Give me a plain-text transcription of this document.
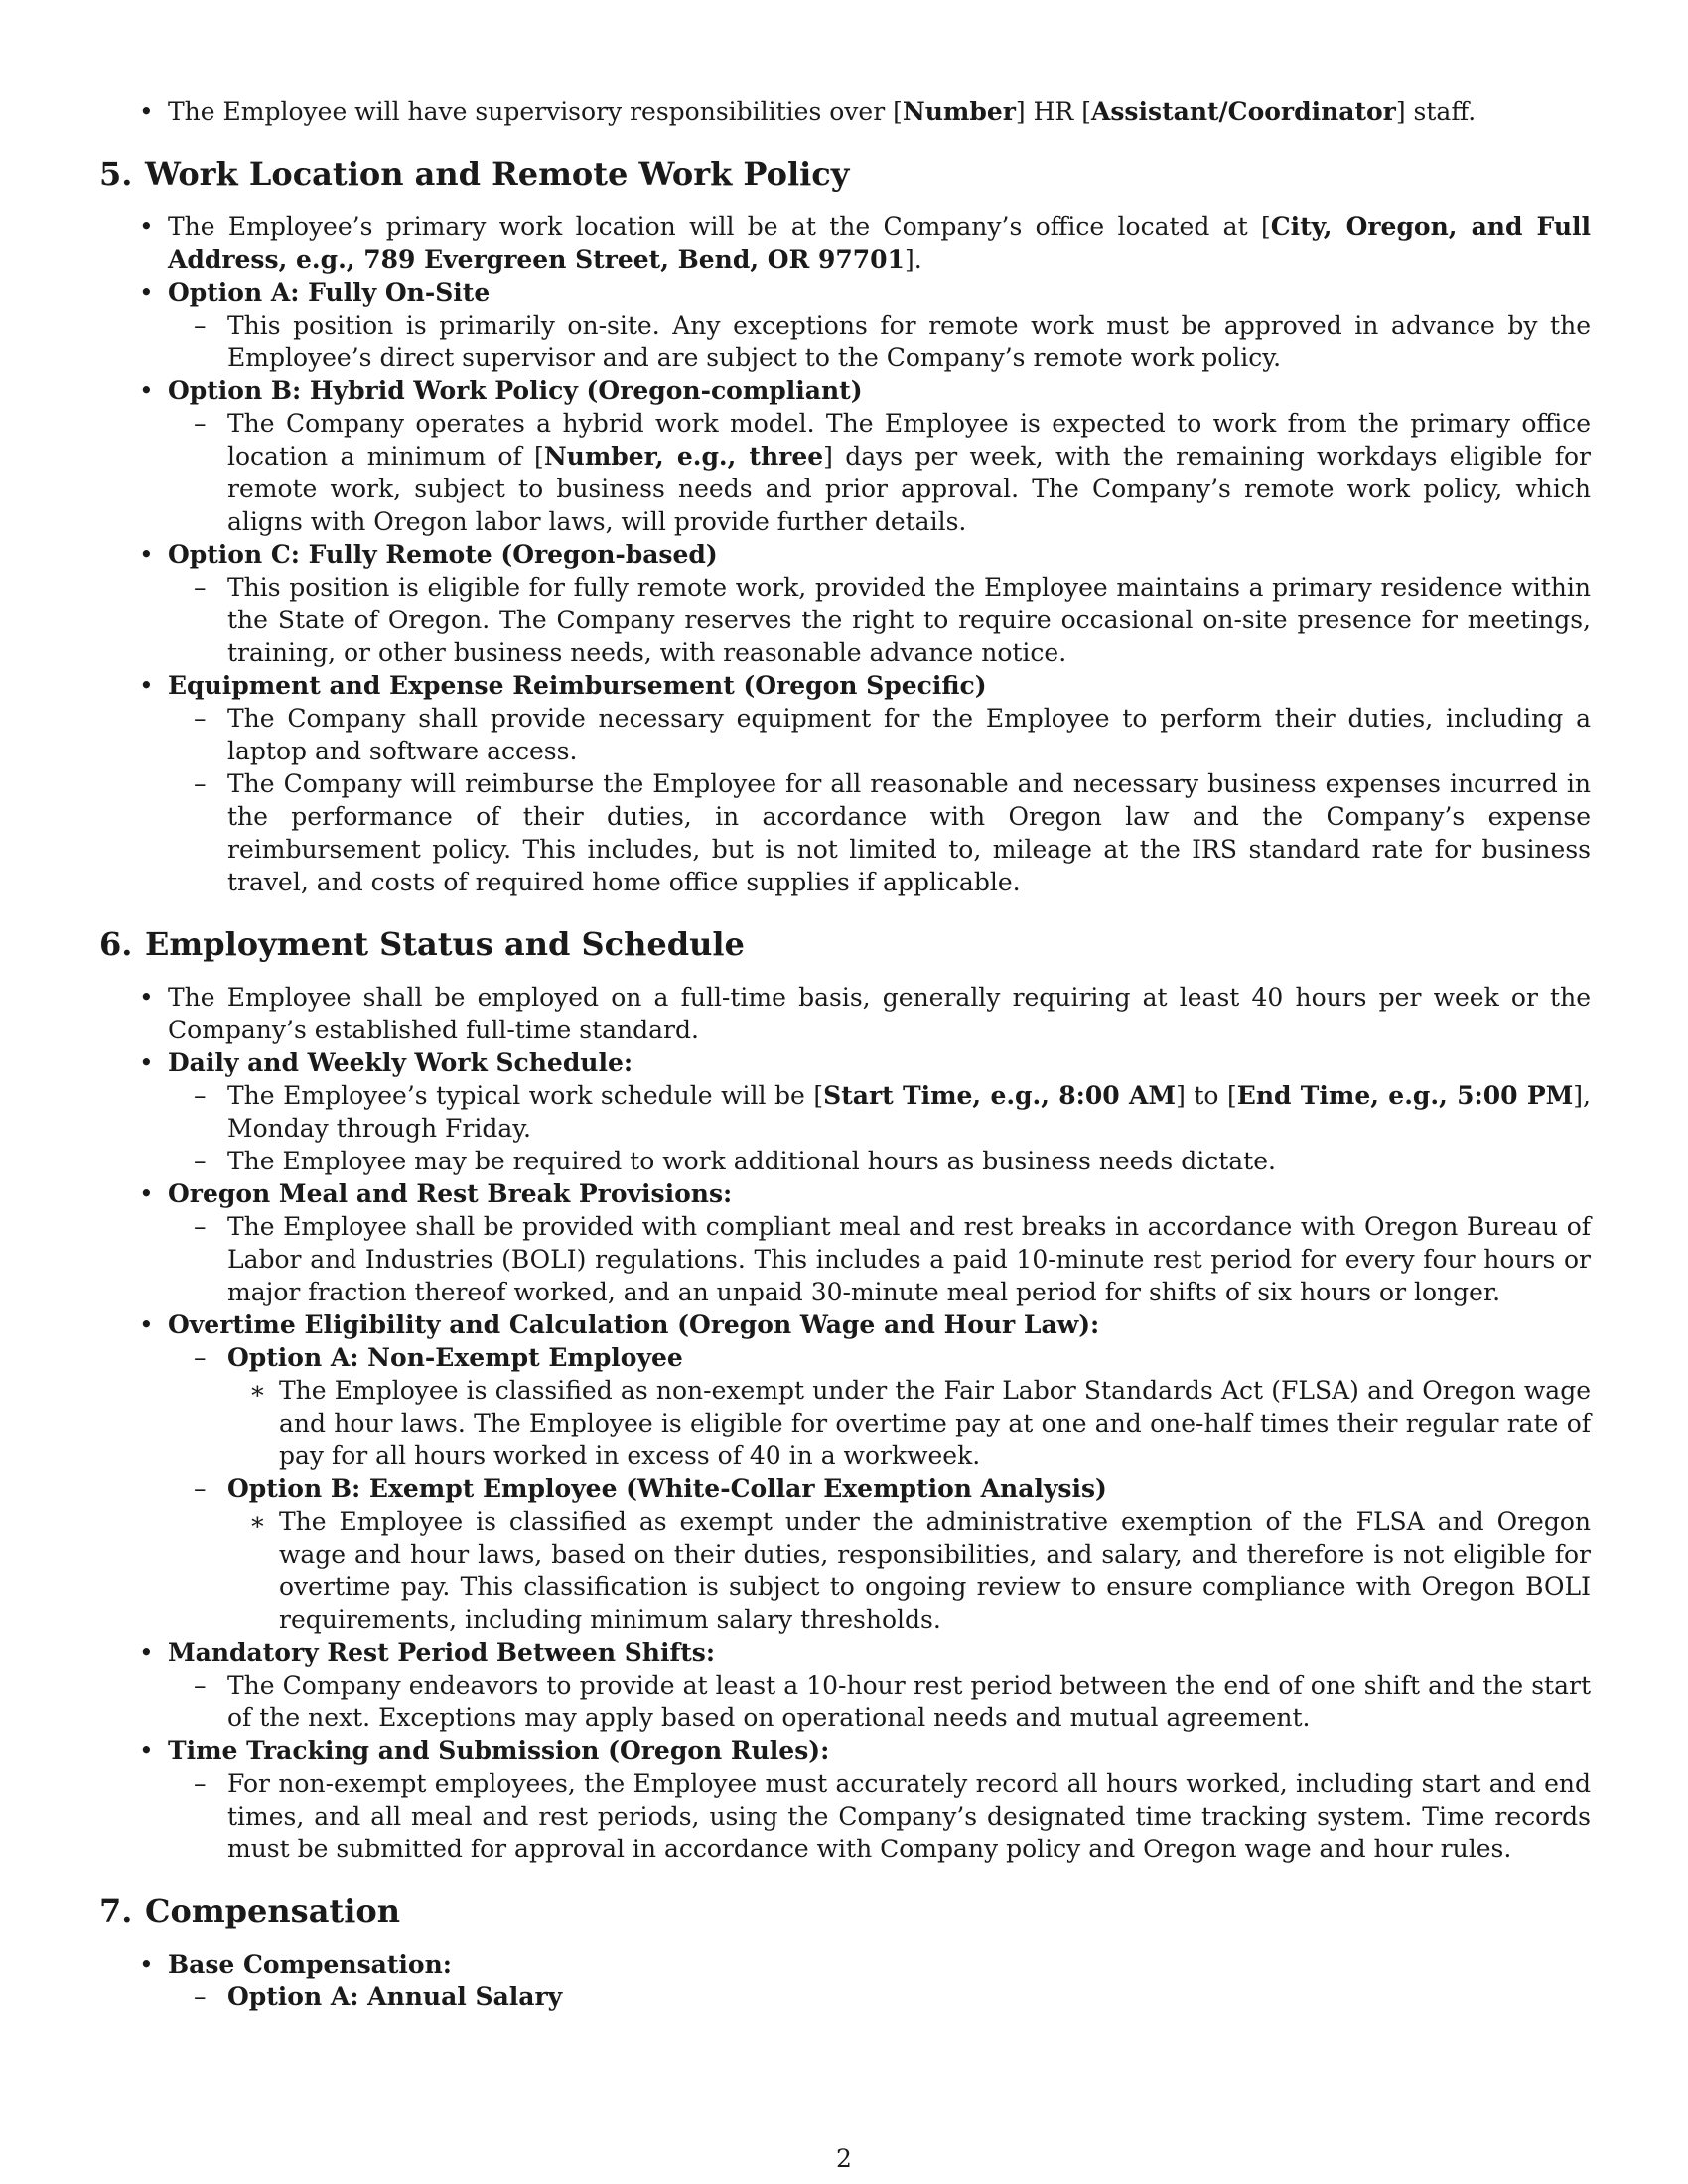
• The Employee will have supervisory responsibilities over [Number] HR [Assistant/Coordinator] staff.
5. Work Location and Remote Work Policy
• The Employee’s primary work location will be at the Company’s office located at [City, Oregon, and Full Address, e.g., 789 Evergreen Street, Bend, OR 97701].
• Option A: Fully On-Site
– This position is primarily on-site. Any exceptions for remote work must be approved in advance by the Employee’s direct supervisor and are subject to the Company’s remote work policy.
• Option B: Hybrid Work Policy (Oregon-compliant)
– The Company operates a hybrid work model. The Employee is expected to work from the primary office location a minimum of [Number, e.g., three] days per week, with the remaining workdays eligible for remote work, subject to business needs and prior approval. The Company’s remote work policy, which aligns with Oregon labor laws, will provide further details.
• Option C: Fully Remote (Oregon-based)
– This position is eligible for fully remote work, provided the Employee maintains a primary residence within the State of Oregon. The Company reserves the right to require occasional on-site presence for meetings, training, or other business needs, with reasonable advance notice.
• Equipment and Expense Reimbursement (Oregon Specific)
– The Company shall provide necessary equipment for the Employee to perform their duties, including a laptop and software access.
– The Company will reimburse the Employee for all reasonable and necessary business expenses incurred in the performance of their duties, in accordance with Oregon law and the Company’s expense reimbursement policy. This includes, but is not limited to, mileage at the IRS standard rate for business travel, and costs of required home office supplies if applicable.
6. Employment Status and Schedule
• The Employee shall be employed on a full-time basis, generally requiring at least 40 hours per week or the Company’s established full-time standard.
• Daily and Weekly Work Schedule:
– The Employee’s typical work schedule will be [Start Time, e.g., 8:00 AM] to [End Time, e.g., 5:00 PM], Monday through Friday.
– The Employee may be required to work additional hours as business needs dictate.
• Oregon Meal and Rest Break Provisions:
– The Employee shall be provided with compliant meal and rest breaks in accordance with Oregon Bureau of Labor and Industries (BOLI) regulations. This includes a paid 10-minute rest period for every four hours or major fraction thereof worked, and an unpaid 30-minute meal period for shifts of six hours or longer.
• Overtime Eligibility and Calculation (Oregon Wage and Hour Law):
– Option A: Non-Exempt Employee
∗ The Employee is classified as non-exempt under the Fair Labor Standards Act (FLSA) and Oregon wage and hour laws. The Employee is eligible for overtime pay at one and one-half times their regular rate of pay for all hours worked in excess of 40 in a workweek.
– Option B: Exempt Employee (White-Collar Exemption Analysis)
∗ The Employee is classified as exempt under the administrative exemption of the FLSA and Oregon wage and hour laws, based on their duties, responsibilities, and salary, and therefore is not eligible for overtime pay. This classification is subject to ongoing review to ensure compliance with Oregon BOLI requirements, including minimum salary thresholds.
• Mandatory Rest Period Between Shifts:
– The Company endeavors to provide at least a 10-hour rest period between the end of one shift and the start of the next. Exceptions may apply based on operational needs and mutual agreement.
• Time Tracking and Submission (Oregon Rules):
– For non-exempt employees, the Employee must accurately record all hours worked, including start and end times, and all meal and rest periods, using the Company’s designated time tracking system. Time records must be submitted for approval in accordance with Company policy and Oregon wage and hour rules.
7. Compensation
• Base Compensation:
– Option A: Annual Salary
2
